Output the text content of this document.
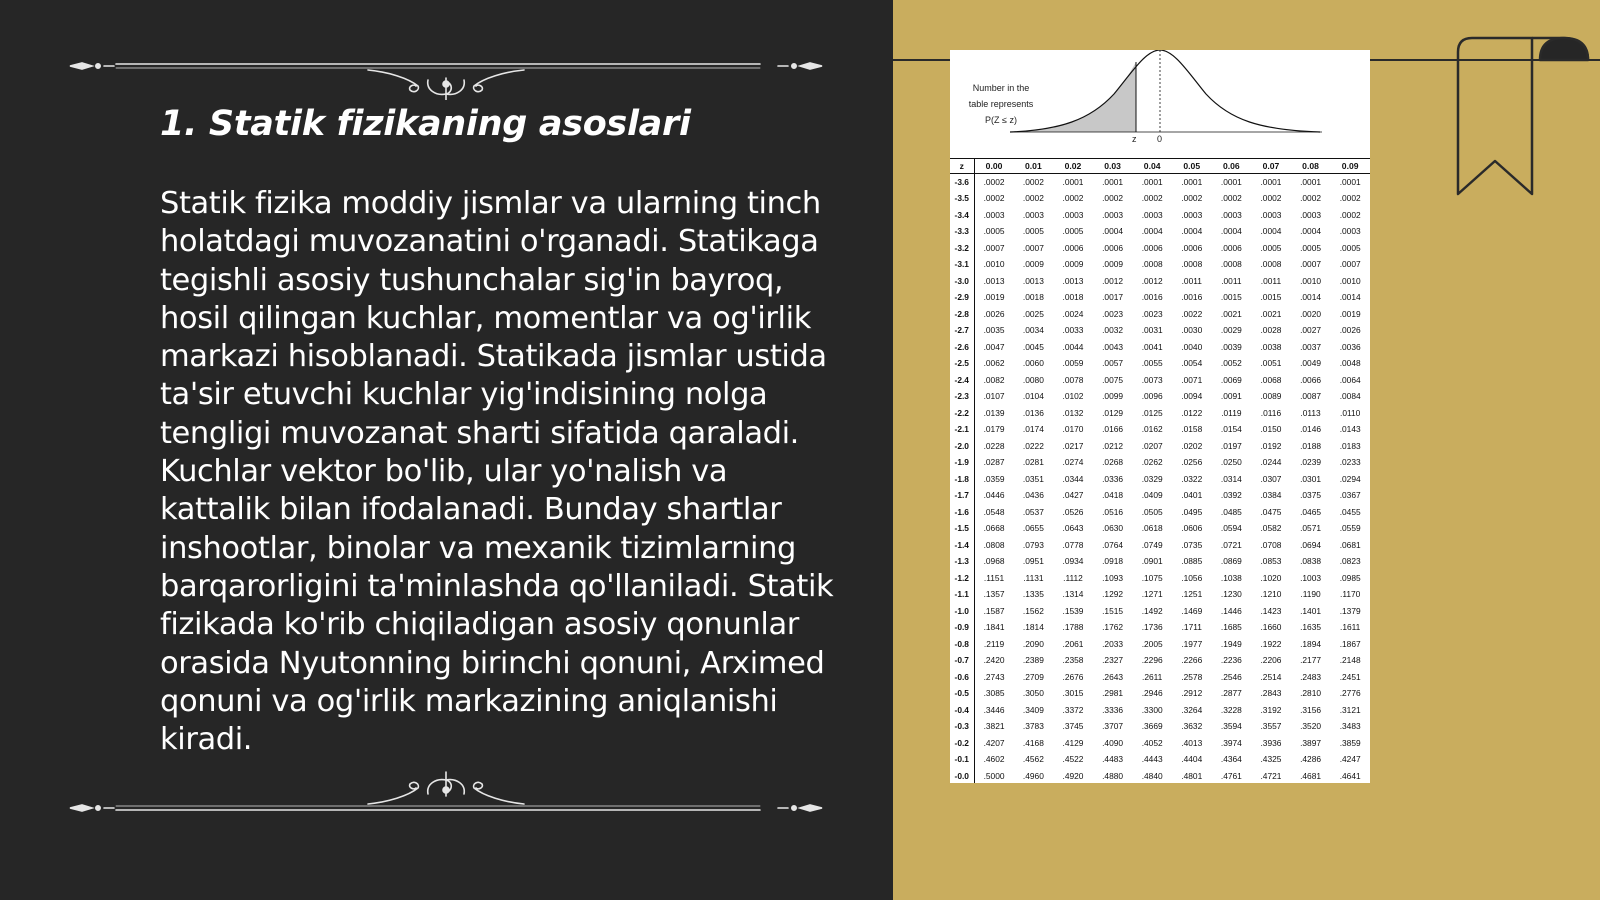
1. Statik fizikaning asoslari
Statik fizika moddiy jismlar va ularning tinch
holatdagi muvozanatini o'rganadi. Statikaga
tegishli asosiy tushunchalar sig'in bayroq,
hosil qilingan kuchlar, momentlar va og'irlik
markazi hisoblanadi. Statikada jismlar ustida
ta'sir etuvchi kuchlar yig'indisining nolga
tengligi muvozanat sharti sifatida qaraladi.
Kuchlar vektor bo'lib, ular yo'nalish va
kattalik bilan ifodalanadi. Bunday shartlar
inshootlar, binolar va mexanik tizimlarning
barqarorligini ta'minlashda qo'llaniladi. Statik
fizikada ko'rib chiqiladigan asosiy qonunlar
orasida Nyutonning birinchi qonuni, Arximed
qonuni va og'irlik markazining aniqlanishi
kiradi.
Number in the
table represents
P(Z ≤ z)
z 0
z	0.00	0.01	0.02	0.03	0.04	0.05	0.06	0.07	0.08	0.09
-3.6	.0002	.0002	.0001	.0001	.0001	.0001	.0001	.0001	.0001	.0001
-3.5	.0002	.0002	.0002	.0002	.0002	.0002	.0002	.0002	.0002	.0002
-3.4	.0003	.0003	.0003	.0003	.0003	.0003	.0003	.0003	.0003	.0002
-3.3	.0005	.0005	.0005	.0004	.0004	.0004	.0004	.0004	.0004	.0003
-3.2	.0007	.0007	.0006	.0006	.0006	.0006	.0006	.0005	.0005	.0005
-3.1	.0010	.0009	.0009	.0009	.0008	.0008	.0008	.0008	.0007	.0007
-3.0	.0013	.0013	.0013	.0012	.0012	.0011	.0011	.0011	.0010	.0010
-2.9	.0019	.0018	.0018	.0017	.0016	.0016	.0015	.0015	.0014	.0014
-2.8	.0026	.0025	.0024	.0023	.0023	.0022	.0021	.0021	.0020	.0019
-2.7	.0035	.0034	.0033	.0032	.0031	.0030	.0029	.0028	.0027	.0026
-2.6	.0047	.0045	.0044	.0043	.0041	.0040	.0039	.0038	.0037	.0036
-2.5	.0062	.0060	.0059	.0057	.0055	.0054	.0052	.0051	.0049	.0048
-2.4	.0082	.0080	.0078	.0075	.0073	.0071	.0069	.0068	.0066	.0064
-2.3	.0107	.0104	.0102	.0099	.0096	.0094	.0091	.0089	.0087	.0084
-2.2	.0139	.0136	.0132	.0129	.0125	.0122	.0119	.0116	.0113	.0110
-2.1	.0179	.0174	.0170	.0166	.0162	.0158	.0154	.0150	.0146	.0143
-2.0	.0228	.0222	.0217	.0212	.0207	.0202	.0197	.0192	.0188	.0183
-1.9	.0287	.0281	.0274	.0268	.0262	.0256	.0250	.0244	.0239	.0233
-1.8	.0359	.0351	.0344	.0336	.0329	.0322	.0314	.0307	.0301	.0294
-1.7	.0446	.0436	.0427	.0418	.0409	.0401	.0392	.0384	.0375	.0367
-1.6	.0548	.0537	.0526	.0516	.0505	.0495	.0485	.0475	.0465	.0455
-1.5	.0668	.0655	.0643	.0630	.0618	.0606	.0594	.0582	.0571	.0559
-1.4	.0808	.0793	.0778	.0764	.0749	.0735	.0721	.0708	.0694	.0681
-1.3	.0968	.0951	.0934	.0918	.0901	.0885	.0869	.0853	.0838	.0823
-1.2	.1151	.1131	.1112	.1093	.1075	.1056	.1038	.1020	.1003	.0985
-1.1	.1357	.1335	.1314	.1292	.1271	.1251	.1230	.1210	.1190	.1170
-1.0	.1587	.1562	.1539	.1515	.1492	.1469	.1446	.1423	.1401	.1379
-0.9	.1841	.1814	.1788	.1762	.1736	.1711	.1685	.1660	.1635	.1611
-0.8	.2119	.2090	.2061	.2033	.2005	.1977	.1949	.1922	.1894	.1867
-0.7	.2420	.2389	.2358	.2327	.2296	.2266	.2236	.2206	.2177	.2148
-0.6	.2743	.2709	.2676	.2643	.2611	.2578	.2546	.2514	.2483	.2451
-0.5	.3085	.3050	.3015	.2981	.2946	.2912	.2877	.2843	.2810	.2776
-0.4	.3446	.3409	.3372	.3336	.3300	.3264	.3228	.3192	.3156	.3121
-0.3	.3821	.3783	.3745	.3707	.3669	.3632	.3594	.3557	.3520	.3483
-0.2	.4207	.4168	.4129	.4090	.4052	.4013	.3974	.3936	.3897	.3859
-0.1	.4602	.4562	.4522	.4483	.4443	.4404	.4364	.4325	.4286	.4247
-0.0	.5000	.4960	.4920	.4880	.4840	.4801	.4761	.4721	.4681	.4641
